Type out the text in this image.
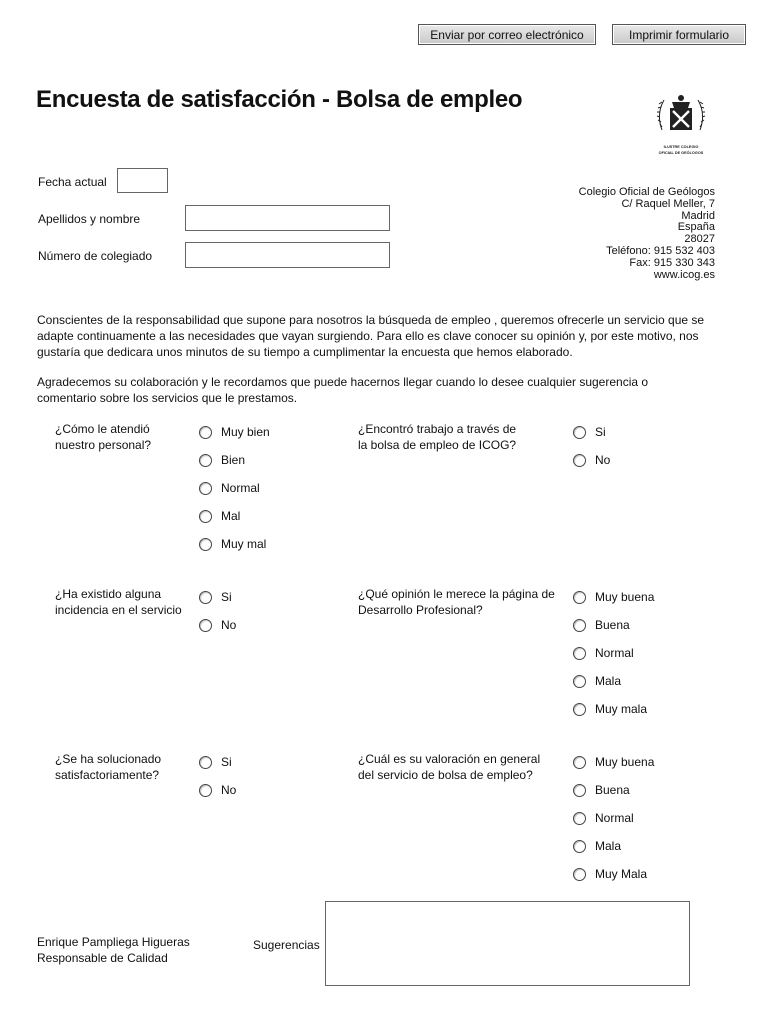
Enviar por correo electrónico	Imprimir formulario
Encuesta de satisfacción - Bolsa de empleo
ILUSTRE COLEGIO
OFICIAL DE GEÓLOGOS
Fecha actual
Apellidos y nombre
Número de colegiado
Colegio Oficial de Geólogos
C/ Raquel Meller, 7
Madrid
España
28027
Teléfono: 915 532 403
Fax: 915 330 343
www.icog.es

Conscientes de la responsabilidad que supone para nosotros la búsqueda de empleo , queremos ofrecerle un servicio que se adapte continuamente a las necesidades que vayan surgiendo. Para ello es clave conocer su opinión y, por este motivo, nos gustaría que dedicara unos minutos de su tiempo a cumplimentar la encuesta que hemos elaborado.

Agradecemos su colaboración y le recordamos que puede hacernos llegar cuando lo desee cualquier sugerencia o comentario sobre los servicios que le prestamos.

¿Cómo le atendió nuestro personal?
Muy bien
Bien
Normal
Mal
Muy mal
¿Encontró trabajo a través de la bolsa de empleo de ICOG?
Si
No
¿Ha existido alguna incidencia en el servicio
Si
No
¿Qué opinión le merece la página de Desarrollo Profesional?
Muy buena
Buena
Normal
Mala
Muy mala
¿Se ha solucionado satisfactoriamente?
Si
No
¿Cuál es su valoración en general del servicio de bolsa de empleo?
Muy buena
Buena
Normal
Mala
Muy Mala
Enrique Pampliega Higueras
Responsable de Calidad
Sugerencias
